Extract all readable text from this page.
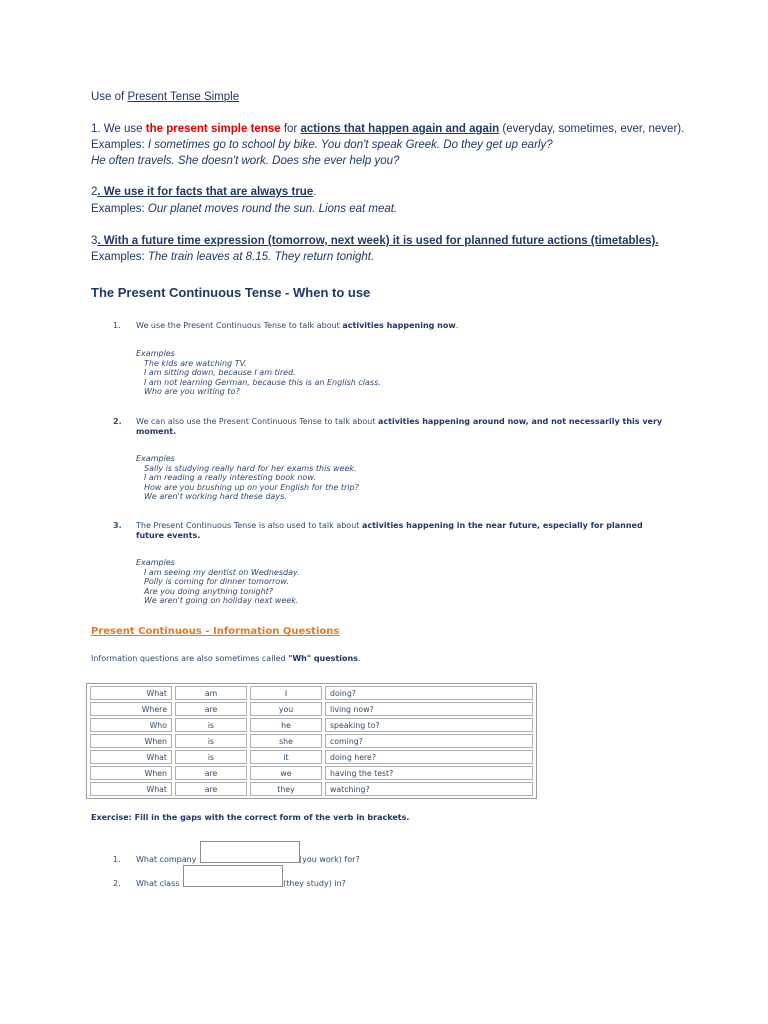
Use of Present Tense Simple
1. We use the present simple tense for actions that happen again and again (everyday, sometimes, ever, never).
Examples: I sometimes go to school by bike. You don't speak Greek. Do they get up early?
He often travels. She doesn't work. Does she ever help you?
2. We use it for facts that are always true.
Examples: Our planet moves round the sun. Lions eat meat.
3. With a future time expression (tomorrow, next week) it is used for planned future actions (timetables).
Examples: The train leaves at 8.15. They return tonight.
The Present Continuous Tense - When to use
1. We use the Present Continuous Tense to talk about activities happening now.
Examples
The kids are watching TV.
I am sitting down, because I am tired.
I am not learning German, because this is an English class.
Who are you writing to?
2. We can also use the Present Continuous Tense to talk about activities happening around now, and not necessarily this very
moment.
Examples
Sally is studying really hard for her exams this week.
I am reading a really interesting book now.
How are you brushing up on your English for the trip?
We aren't working hard these days.
3. The Present Continuous Tense is also used to talk about activities happening in the near future, especially for planned
future events.
Examples
I am seeing my dentist on Wednesday.
Polly is coming for dinner tomorrow.
Are you doing anything tonight?
We aren't going on holiday next week.
Present Continuous - Information Questions
Information questions are also sometimes called "Wh" questions.
What	am	I	doing?
Where	are	you	living now?
Who	is	he	speaking to?
When	is	she	coming?
What	is	it	doing here?
When	are	we	having the test?
What	are	they	watching?
Exercise: Fill in the gaps with the correct form of the verb in brackets.
1. What company	(you work) for?
2. What class	(they study) in?
